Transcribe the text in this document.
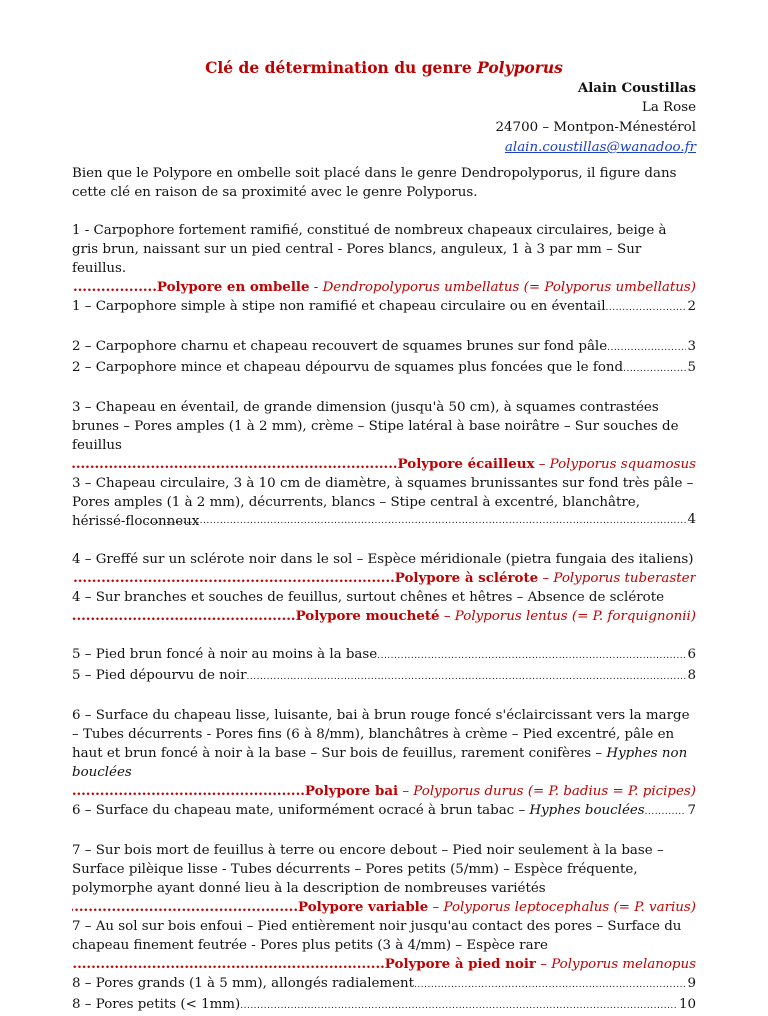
Clé de détermination du genre Polyporus
Alain Coustillas
La Rose
24700 – Montpon-Ménestérol
alain.coustillas@wanadoo.fr

Bien que le Polypore en ombelle soit placé dans le genre Dendropolyporus, il figure dans cette clé en raison de sa proximité avec le genre Polyporus.

1 - Carpophore fortement ramifié, constitué de nombreux chapeaux circulaires, beige à gris brun, naissant sur un pied central - Pores blancs, anguleux, 1 à 3 par mm – Sur feuillus.

.....
Polypore en ombelle - Dendropolyporus umbellatus (= Polyporus umbellatus)
1 – Carpophore simple à stipe non ramifié et chapeau circulaire ou en éventail .....	2
2 – Carpophore charnu et chapeau recouvert de squames brunes sur fond pâle .....	3
2 – Carpophore mince et chapeau dépourvu de squames plus foncées que le fond .....	5

3 – Chapeau en éventail, de grande dimension (jusqu'à 50 cm), à squames contrastées brunes – Pores amples (1 à 2 mm), crème – Stipe latéral à base noirâtre – Sur souches de feuillus

.....
Polypore écailleux – Polyporus squamosus

3 – Chapeau circulaire, 3 à 10 cm de diamètre, à squames brunissantes sur fond très pâle – Pores amples (1 à 2 mm), décurrents, blancs – Stipe central à excentré, blanchâtre, hérissé-floconneux .....	4

4 – Greffé sur un sclérote noir dans le sol – Espèce méridionale (pietra fungaia des italiens)

.....
Polypore à sclérote – Polyporus tuberaster

4 – Sur branches et souches de feuillus, surtout chênes et hêtres – Absence de sclérote

.....
Polypore moucheté – Polyporus lentus (= P. forquignonii)
5 – Pied brun foncé à noir au moins à la base .....	6
5 – Pied dépourvu de noir .....	8

6 – Surface du chapeau lisse, luisante, bai à brun rouge foncé s'éclaircissant vers la marge – Tubes décurrents - Pores fins (6 à 8/mm), blanchâtres à crème – Pied excentré, pâle en haut et brun foncé à noir à la base – Sur bois de feuillus, rarement conifères – Hyphes non bouclées

.....
Polypore bai – Polyporus durus (= P. badius = P. picipes)
6 – Surface du chapeau mate, uniformément ocracé à brun tabac – Hyphes bouclées .....	7

7 – Sur bois mort de feuillus à terre ou encore debout – Pied noir seulement à la base – Surface pilèique lisse - Tubes décurrents – Pores petits (5/mm) – Espèce fréquente, polymorphe ayant donné lieu à la description de nombreuses variétés

.....
Polypore variable – Polyporus leptocephalus (= P. varius)

7 – Au sol sur bois enfoui – Pied entièrement noir jusqu'au contact des pores – Surface du chapeau finement feutrée - Pores plus petits (3 à 4/mm) – Espèce rare

.....
Polypore à pied noir – Polyporus melanopus
8 – Pores grands (1 à 5 mm), allongés radialement .....	9
8 – Pores petits (< 1mm) .....	10
